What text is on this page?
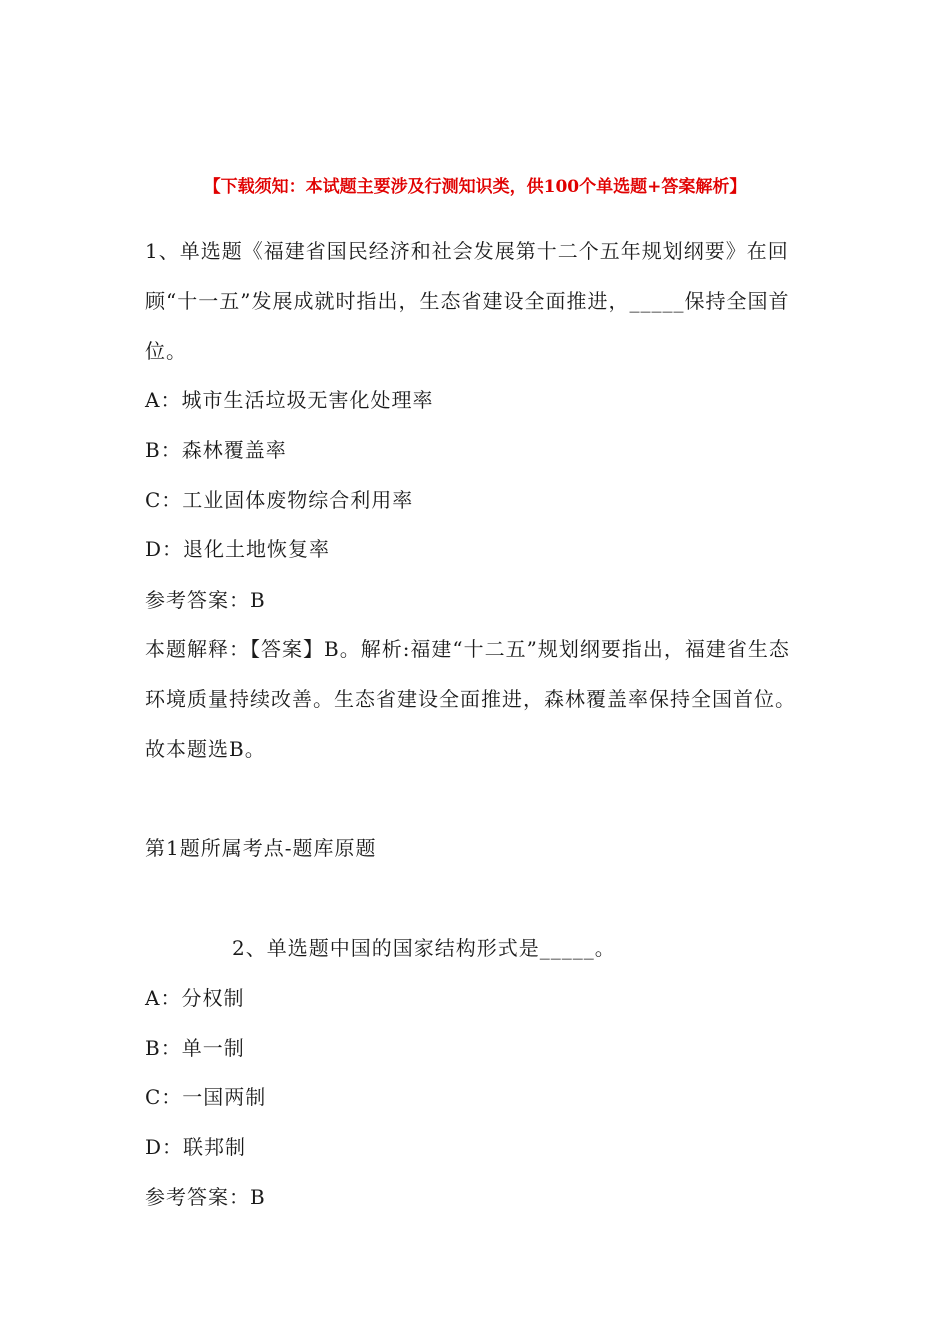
【下载须知：本试题主要涉及行测知识类，供100个单选题+答案解析】
1、单选题《福建省国民经济和社会发展第十二个五年规划纲要》在回顾“十一五”发展成就时指出，生态省建设全面推进，_____保持全国首位。
A：城市生活垃圾无害化处理率
B：森林覆盖率
C：工业固体废物综合利用率
D：退化土地恢复率
参考答案：B
本题解释：【答案】B。解析:福建“十二五”规划纲要指出，福建省生态环境质量持续改善。生态省建设全面推进，森林覆盖率保持全国首位。故本题选B。
第1题所属考点-题库原题
2、单选题中国的国家结构形式是_____。
A：分权制
B：单一制
C：一国两制
D：联邦制
参考答案：B
